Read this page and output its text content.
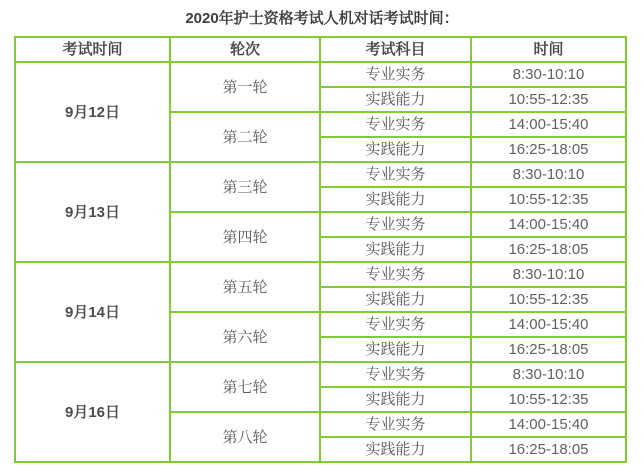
2020年护士资格考试人机对话考试时间：
考试时间	轮次	考试科目	时间
9月12日	第一轮	专业实务	8:30-10:10
		实践能力	10:55-12:35
	第二轮	专业实务	14:00-15:40
		实践能力	16:25-18:05
9月13日	第三轮	专业实务	8:30-10:10
		实践能力	10:55-12:35
	第四轮	专业实务	14:00-15:40
		实践能力	16:25-18:05
9月14日	第五轮	专业实务	8:30-10:10
		实践能力	10:55-12:35
	第六轮	专业实务	14:00-15:40
		实践能力	16:25-18:05
9月16日	第七轮	专业实务	8:30-10:10
		实践能力	10:55-12:35
	第八轮	专业实务	14:00-15:40
		实践能力	16:25-18:05
